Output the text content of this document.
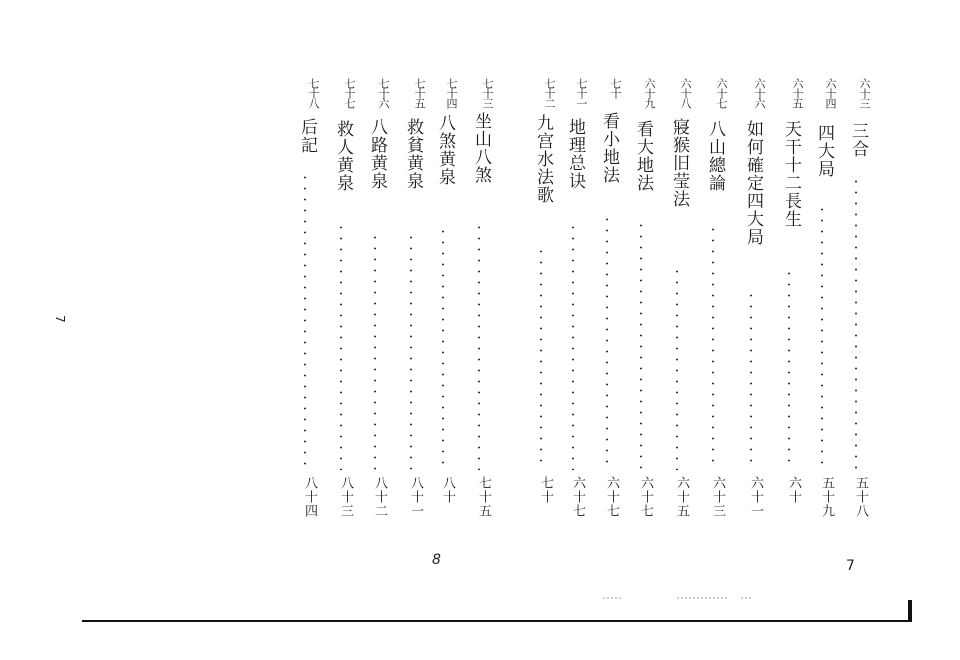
六十三
三合
五十八
六十四
四大局
五十九
六十五
天干十二長生
六十
六十六
如何確定四大局
六十一
六十七
八山總論
六十三
六十八
寢猴旧莹法
六十五
六十九
看大地法
六十七
七十
看小地法
六十七
七十一
地理总诀
六十七
七十二
九宫水法歌
七十
七十三
坐山八煞
七十五
七十四
八煞黄泉
八十
七十五
救貧黄泉
八十一
七十六
八路黄泉
八十二
七十七
救人黄泉
八十三
七十八
后記
八十四
7
8
7
